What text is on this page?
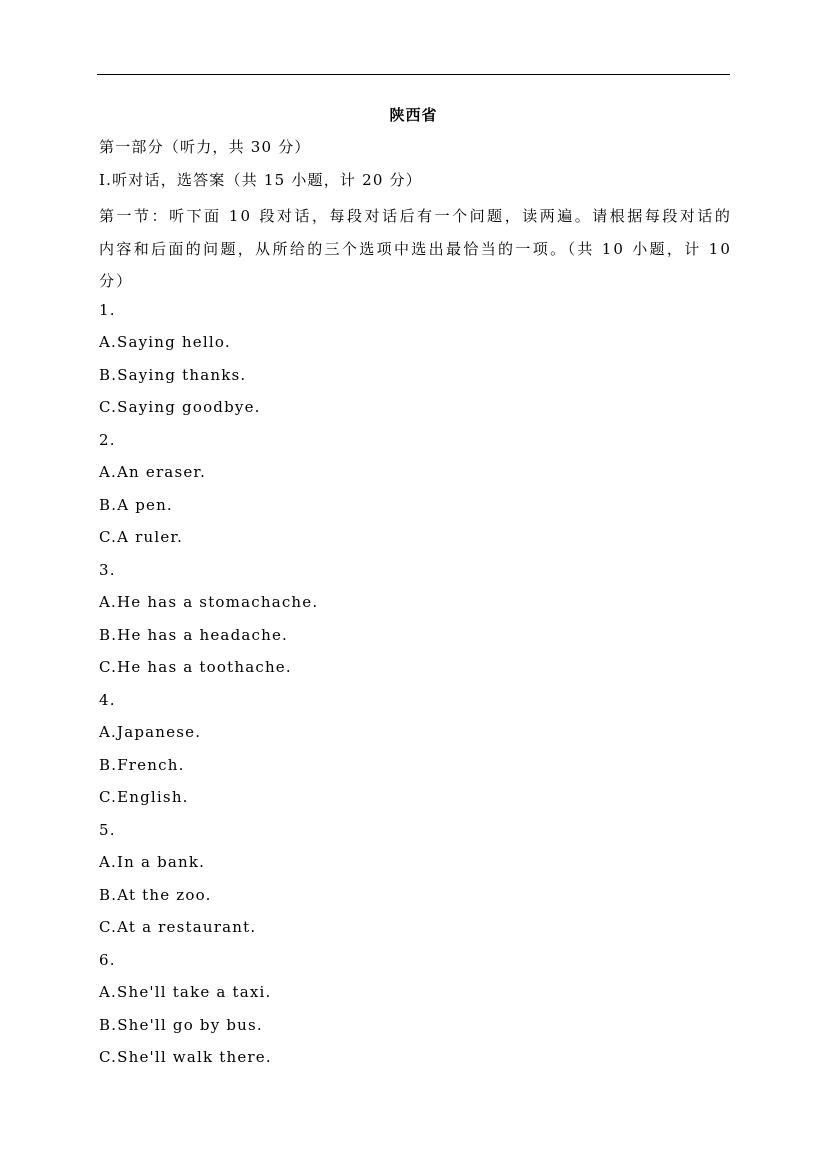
陕西省
第一部分（听力，共 30 分）
I.听对话，选答案（共 15 小题，计 20 分）
第一节：听下面 10 段对话，每段对话后有一个问题，读两遍。请根据每段对话的内容和后面的问题，从所给的三个选项中选出最恰当的一项。（共 10 小题，计 10 分）
1.
A.Saying hello.
B.Saying thanks.
C.Saying goodbye.
2.
A.An eraser.
B.A pen.
C.A ruler.
3.
A.He has a stomachache.
B.He has a headache.
C.He has a toothache.
4.
A.Japanese.
B.French.
C.English.
5.
A.In a bank.
B.At the zoo.
C.At a restaurant.
6.
A.She'll take a taxi.
B.She'll go by bus.
C.She'll walk there.
